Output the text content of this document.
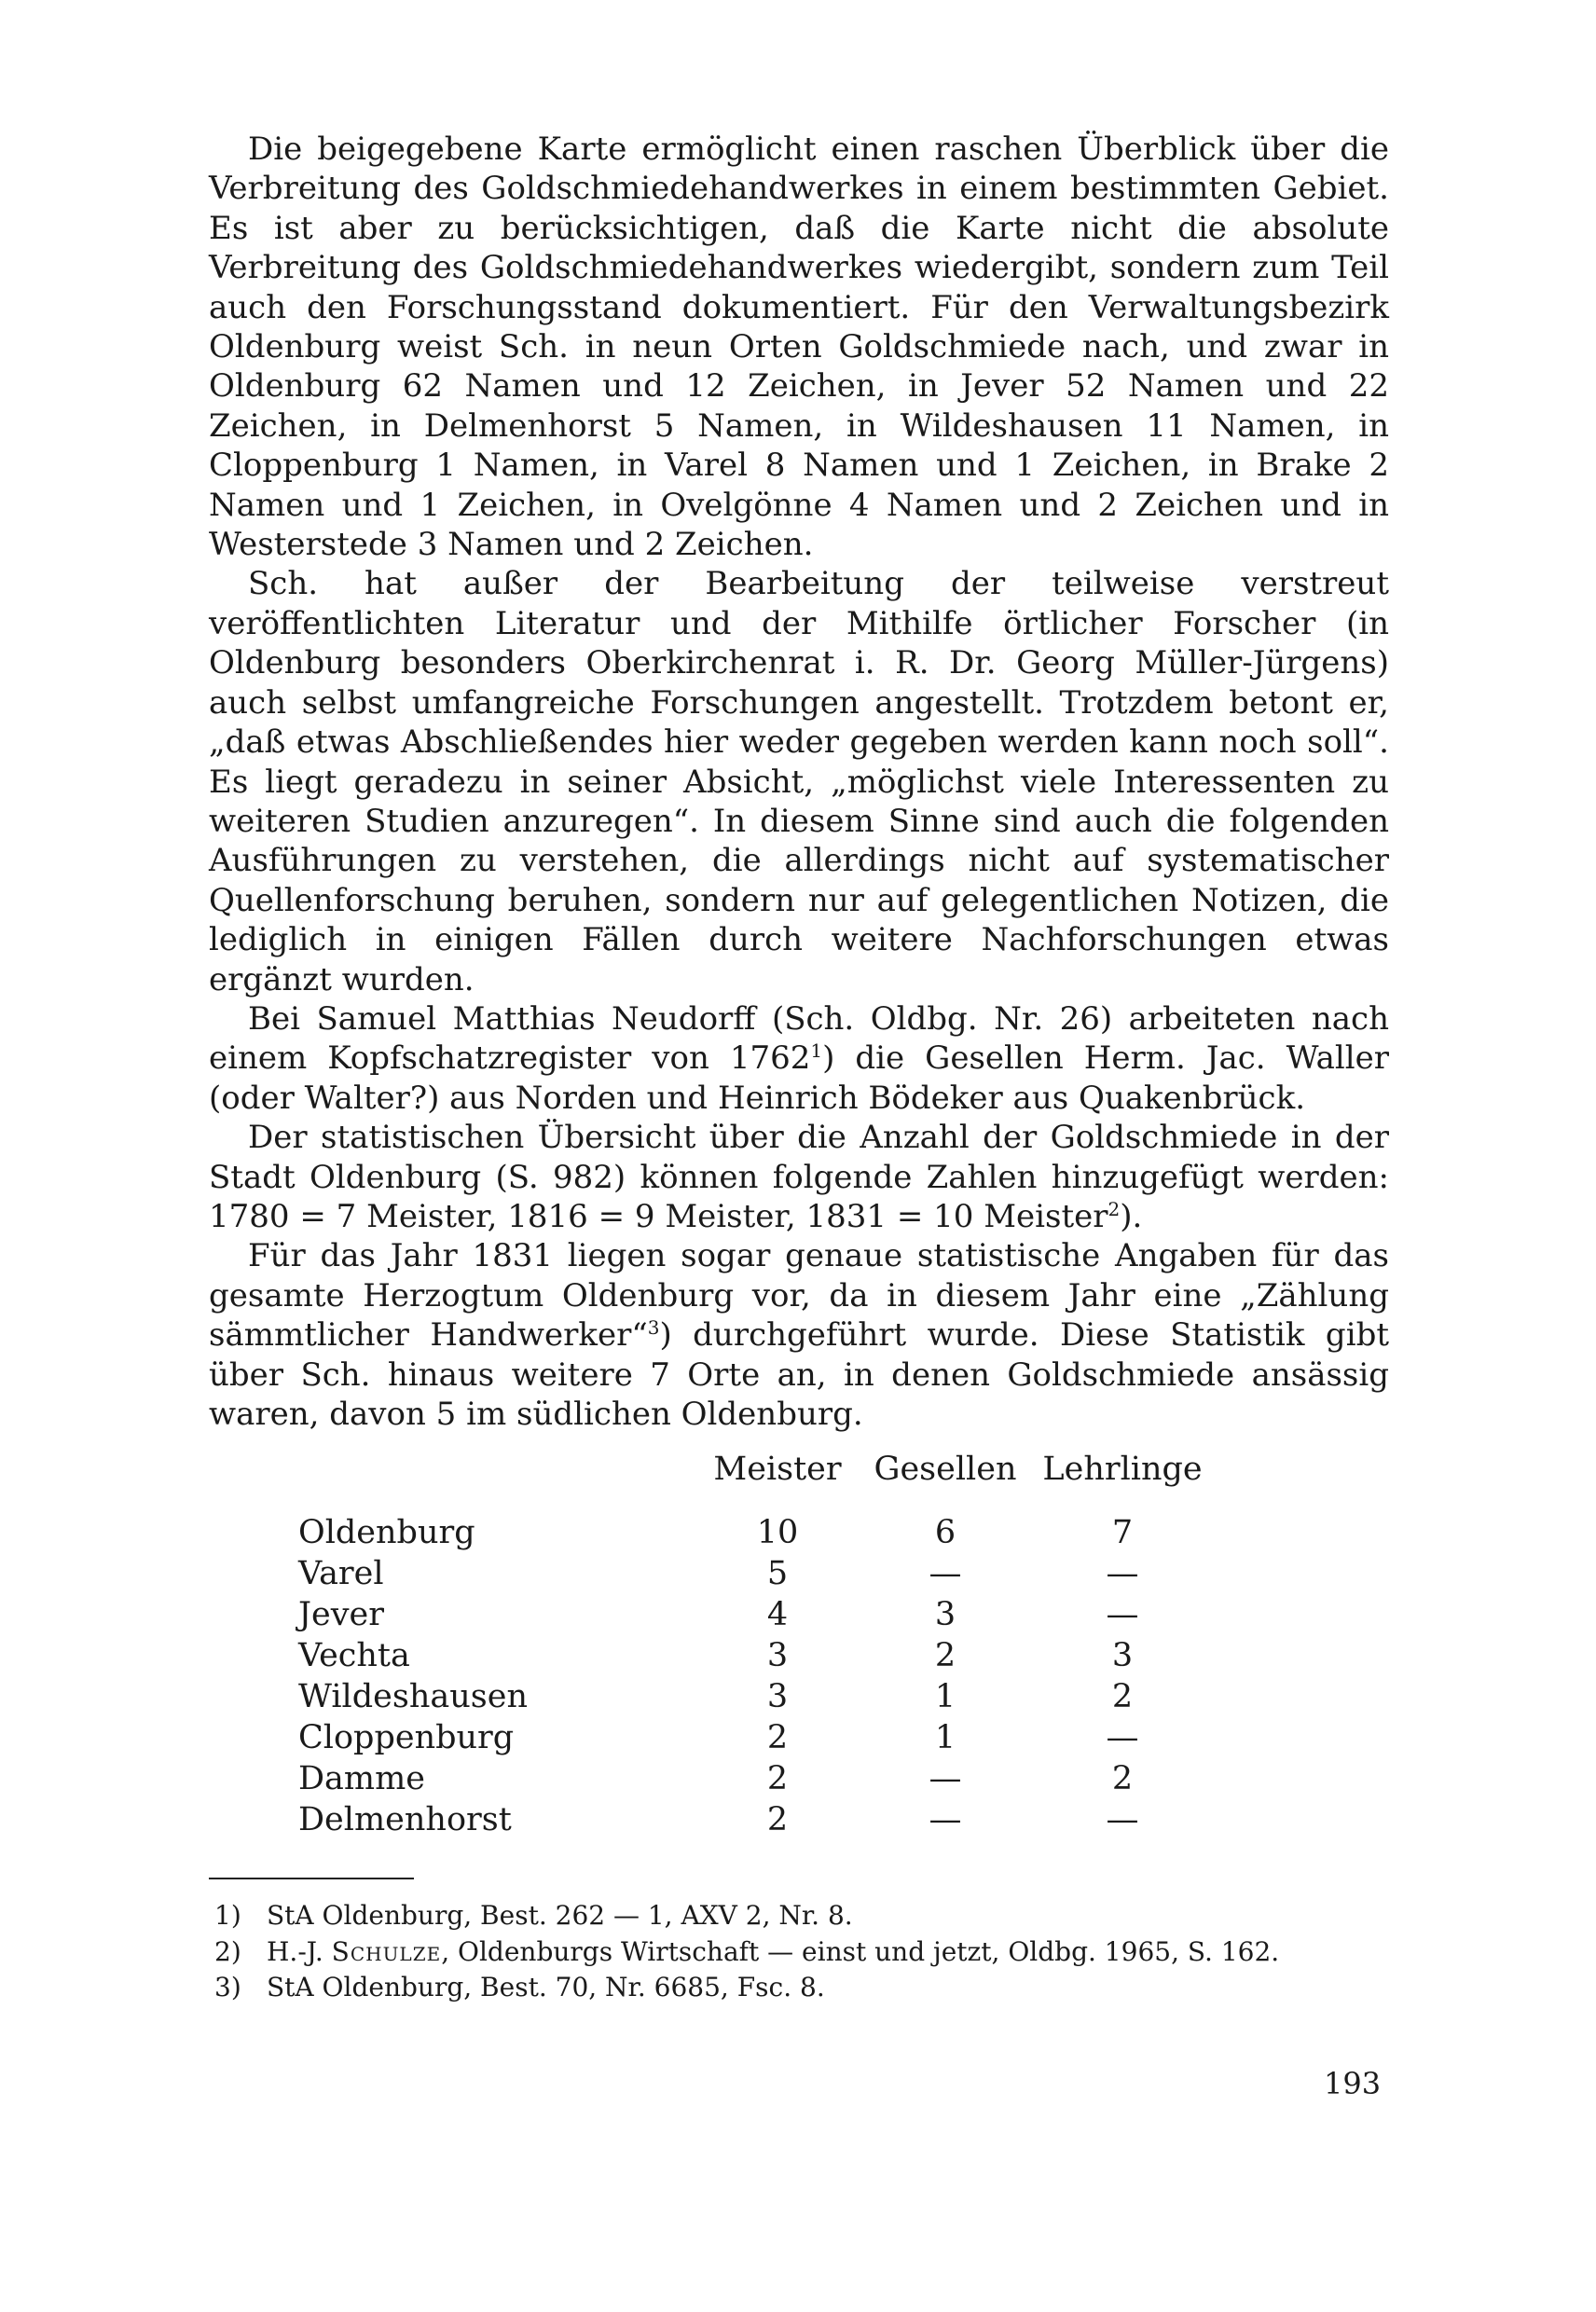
Die beigegebene Karte ermöglicht einen raschen Überblick über die Verbreitung des Goldschmiedehandwerkes in einem bestimmten Gebiet. Es ist aber zu berücksichtigen, daß die Karte nicht die absolute Verbreitung des Goldschmiedehandwerkes wiedergibt, sondern zum Teil auch den Forschungsstand dokumentiert. Für den Verwaltungsbezirk Oldenburg weist Sch. in neun Orten Goldschmiede nach, und zwar in Oldenburg 62 Namen und 12 Zeichen, in Jever 52 Namen und 22 Zeichen, in Delmenhorst 5 Namen, in Wildeshausen 11 Namen, in Cloppenburg 1 Namen, in Varel 8 Namen und 1 Zeichen, in Brake 2 Namen und 1 Zeichen, in Ovelgönne 4 Namen und 2 Zeichen und in Westerstede 3 Namen und 2 Zeichen.

Sch. hat außer der Bearbeitung der teilweise verstreut veröffentlichten Literatur und der Mithilfe örtlicher Forscher (in Oldenburg besonders Oberkirchenrat i. R. Dr. Georg Müller-Jürgens) auch selbst umfangreiche Forschungen angestellt. Trotzdem betont er, „daß etwas Abschließendes hier weder gegeben werden kann noch soll“. Es liegt geradezu in seiner Absicht, „möglichst viele Interessenten zu weiteren Studien anzuregen“. In diesem Sinne sind auch die folgenden Ausführungen zu verstehen, die allerdings nicht auf systematischer Quellenforschung beruhen, sondern nur auf gelegentlichen Notizen, die lediglich in einigen Fällen durch weitere Nachforschungen etwas ergänzt wurden.

Bei Samuel Matthias Neudorff (Sch. Oldbg. Nr. 26) arbeiteten nach einem Kopfschatzregister von 1762$^1$) die Gesellen Herm. Jac. Waller (oder Walter?) aus Norden und Heinrich Bödeker aus Quakenbrück.

Der statistischen Übersicht über die Anzahl der Goldschmiede in der Stadt Oldenburg (S. 982) können folgende Zahlen hinzugefügt werden: 1780 = 7 Meister, 1816 = 9 Meister, 1831 = 10 Meister$^2$).

Für das Jahr 1831 liegen sogar genaue statistische Angaben für das gesamte Herzogtum Oldenburg vor, da in diesem Jahr eine „Zählung sämmtlicher Handwerker“$^3$) durchgeführt wurde. Diese Statistik gibt über Sch. hinaus weitere 7 Orte an, in denen Goldschmiede ansässig waren, davon 5 im südlichen Oldenburg.

Meister Gesellen Lehrlinge
Oldenburg	10	6	7
Varel	5	—	—
Jever	4	3	—
Vechta	3	2	3
Wildeshausen	3	1	2
Cloppenburg	2	1	—
Damme	2	—	2
Delmenhorst	2	—	—
1) StA Oldenburg, Best. 262 — 1, AXV 2, Nr. 8.
2) H.-J. Schulze, Oldenburgs Wirtschaft — einst und jetzt, Oldbg. 1965, S. 162.
3) StA Oldenburg, Best. 70, Nr. 6685, Fsc. 8.
193
